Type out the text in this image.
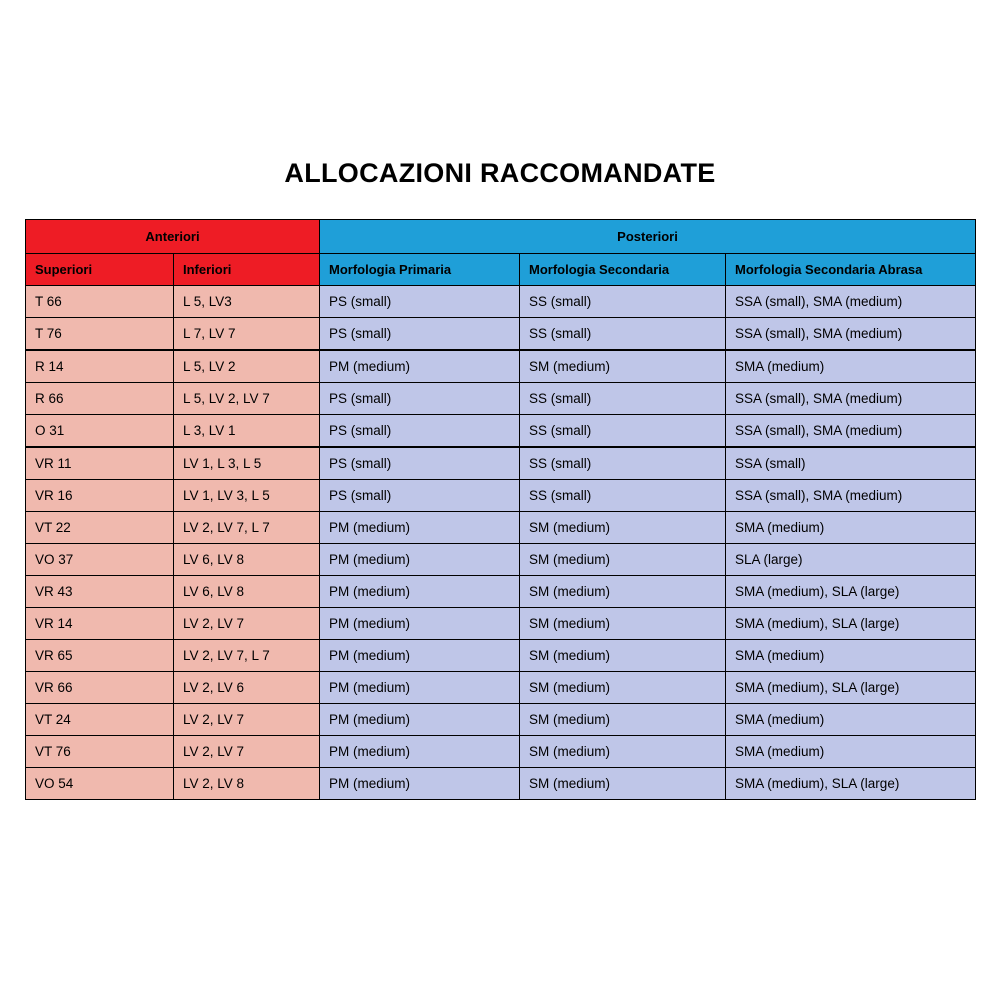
ALLOCAZIONI RACCOMANDATE
Anteriori		Posteriori		
Superiori	Inferiori	Morfologia Primaria	Morfologia Secondaria	Morfologia Secondaria Abrasa
T 66	L 5, LV3	PS (small)	SS (small)	SSA (small), SMA (medium)
T 76	L 7, LV 7	PS (small)	SS (small)	SSA (small), SMA (medium)
R 14	L 5, LV 2	PM (medium)	SM (medium)	SMA (medium)
R 66	L 5, LV 2, LV 7	PS (small)	SS (small)	SSA (small), SMA (medium)
O 31	L 3, LV 1	PS (small)	SS (small)	SSA (small), SMA (medium)
VR 11	LV 1, L 3, L 5	PS (small)	SS (small)	SSA (small)
VR 16	LV 1, LV 3, L 5	PS (small)	SS (small)	SSA (small), SMA (medium)
VT 22	LV 2, LV 7, L 7	PM (medium)	SM (medium)	SMA (medium)
VO 37	LV 6, LV 8	PM (medium)	SM (medium)	SLA (large)
VR 43	LV 6, LV 8	PM (medium)	SM (medium)	SMA (medium), SLA (large)
VR 14	LV 2, LV 7	PM (medium)	SM (medium)	SMA (medium), SLA (large)
VR 65	LV 2, LV 7, L 7	PM (medium)	SM (medium)	SMA (medium)
VR 66	LV 2, LV 6	PM (medium)	SM (medium)	SMA (medium), SLA (large)
VT 24	LV 2, LV 7	PM (medium)	SM (medium)	SMA (medium)
VT 76	LV 2, LV 7	PM (medium)	SM (medium)	SMA (medium)
VO 54	LV 2, LV 8	PM (medium)	SM (medium)	SMA (medium), SLA (large)
